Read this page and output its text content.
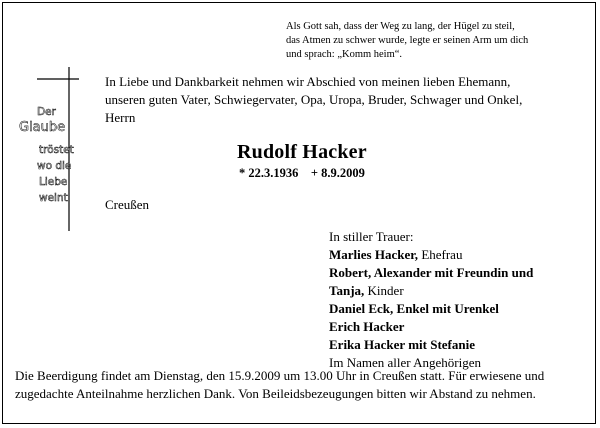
Als Gott sah, dass der Weg zu lang, der Hügel zu steil,
das Atmen zu schwer wurde, legte er seinen Arm um dich
und sprach: „Komm heim“.
Der
Glaube
tröstet
wo die
Liebe
weint
In Liebe und Dankbarkeit nehmen wir Abschied von meinen lieben Ehemann,
unseren guten Vater, Schwiegervater, Opa, Uropa, Bruder, Schwager und Onkel,
Herrn
Rudolf Hacker
* 22.3.1936    + 8.9.2009
Creußen
In stiller Trauer:
Marlies Hacker, Ehefrau
Robert, Alexander mit Freundin und
Tanja, Kinder
Daniel Eck, Enkel mit Urenkel
Erich Hacker
Erika Hacker mit Stefanie
Im Namen aller Angehörigen
Die Beerdigung findet am Dienstag, den 15.9.2009 um 13.00 Uhr in Creußen statt. Für erwiesene und
zugedachte Anteilnahme herzlichen Dank. Von Beileidsbezeugungen bitten wir Abstand zu nehmen.
